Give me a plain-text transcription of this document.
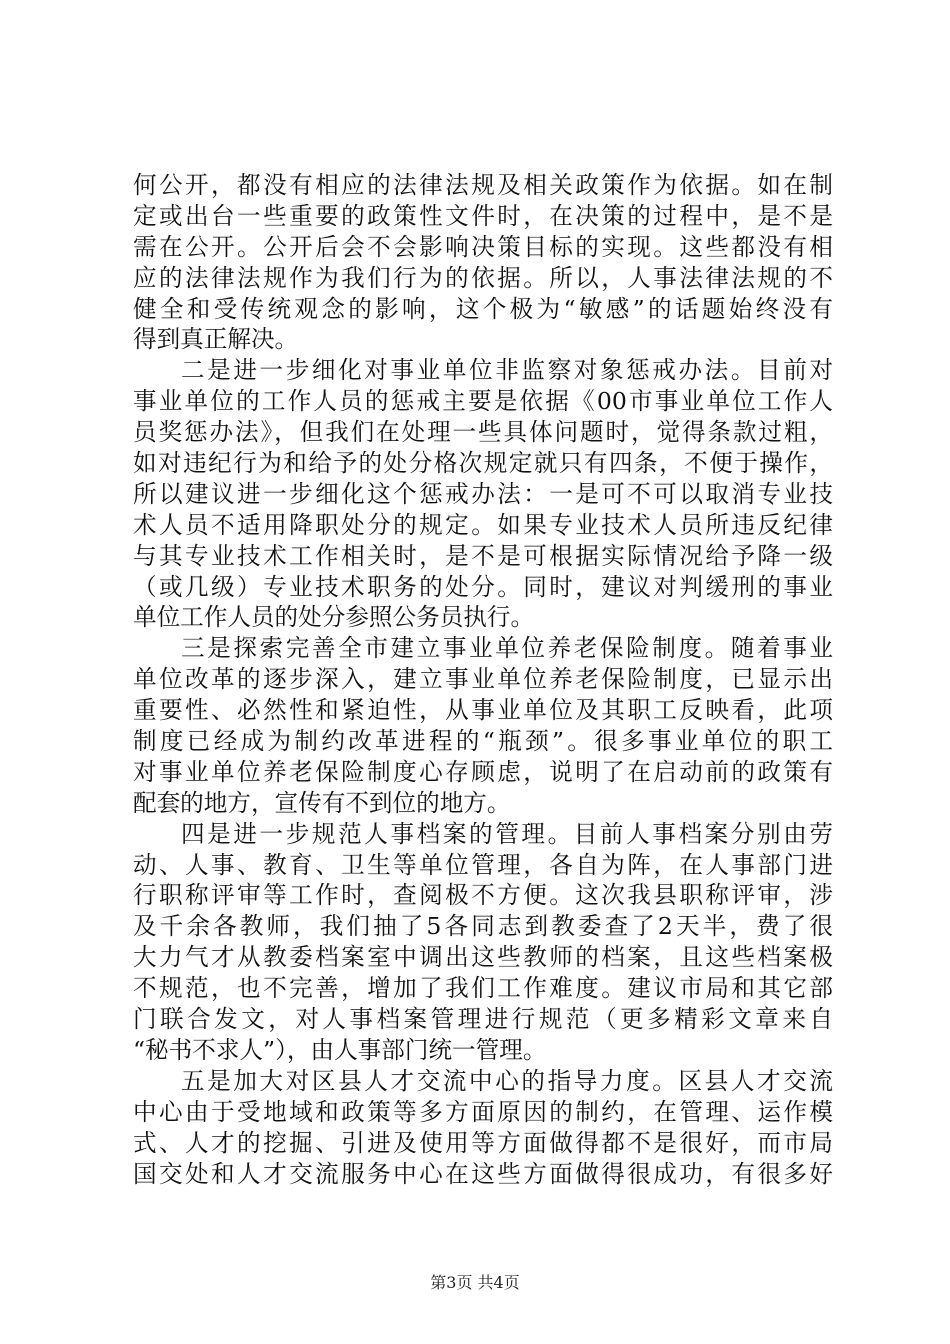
何公开，都没有相应的法律法规及相关政策作为依据。如在制
定或出台一些重要的政策性文件时，在决策的过程中，是不是
需在公开。公开后会不会影响决策目标的实现。这些都没有相
应的法律法规作为我们行为的依据。所以，人事法律法规的不
健全和受传统观念的影响，这个极为“敏感”的话题始终没有
得到真正解决。
二是进一步细化对事业单位非监察对象惩戒办法。目前对
事业单位的工作人员的惩戒主要是依据《00市事业单位工作人
员奖惩办法》，但我们在处理一些具体问题时，觉得条款过粗，
如对违纪行为和给予的处分格次规定就只有四条，不便于操作，
所以建议进一步细化这个惩戒办法：一是可不可以取消专业技
术人员不适用降职处分的规定。如果专业技术人员所违反纪律
与其专业技术工作相关时，是不是可根据实际情况给予降一级
（或几级）专业技术职务的处分。同时，建议对判缓刑的事业
单位工作人员的处分参照公务员执行。
三是探索完善全市建立事业单位养老保险制度。随着事业
单位改革的逐步深入，建立事业单位养老保险制度，已显示出
重要性、必然性和紧迫性，从事业单位及其职工反映看，此项
制度已经成为制约改革进程的“瓶颈”。很多事业单位的职工
对事业单位养老保险制度心存顾虑，说明了在启动前的政策有
配套的地方，宣传有不到位的地方。
四是进一步规范人事档案的管理。目前人事档案分别由劳
动、人事、教育、卫生等单位管理，各自为阵，在人事部门进
行职称评审等工作时，查阅极不方便。这次我县职称评审，涉
及千余各教师，我们抽了5各同志到教委查了2天半，费了很
大力气才从教委档案室中调出这些教师的档案，且这些档案极
不规范，也不完善，增加了我们工作难度。建议市局和其它部
门联合发文，对人事档案管理进行规范（更多精彩文章来自
“秘书不求人”），由人事部门统一管理。
五是加大对区县人才交流中心的指导力度。区县人才交流
中心由于受地域和政策等多方面原因的制约，在管理、运作模
式、人才的挖掘、引进及使用等方面做得都不是很好，而市局
国交处和人才交流服务中心在这些方面做得很成功，有很多好
第3页 共4页
